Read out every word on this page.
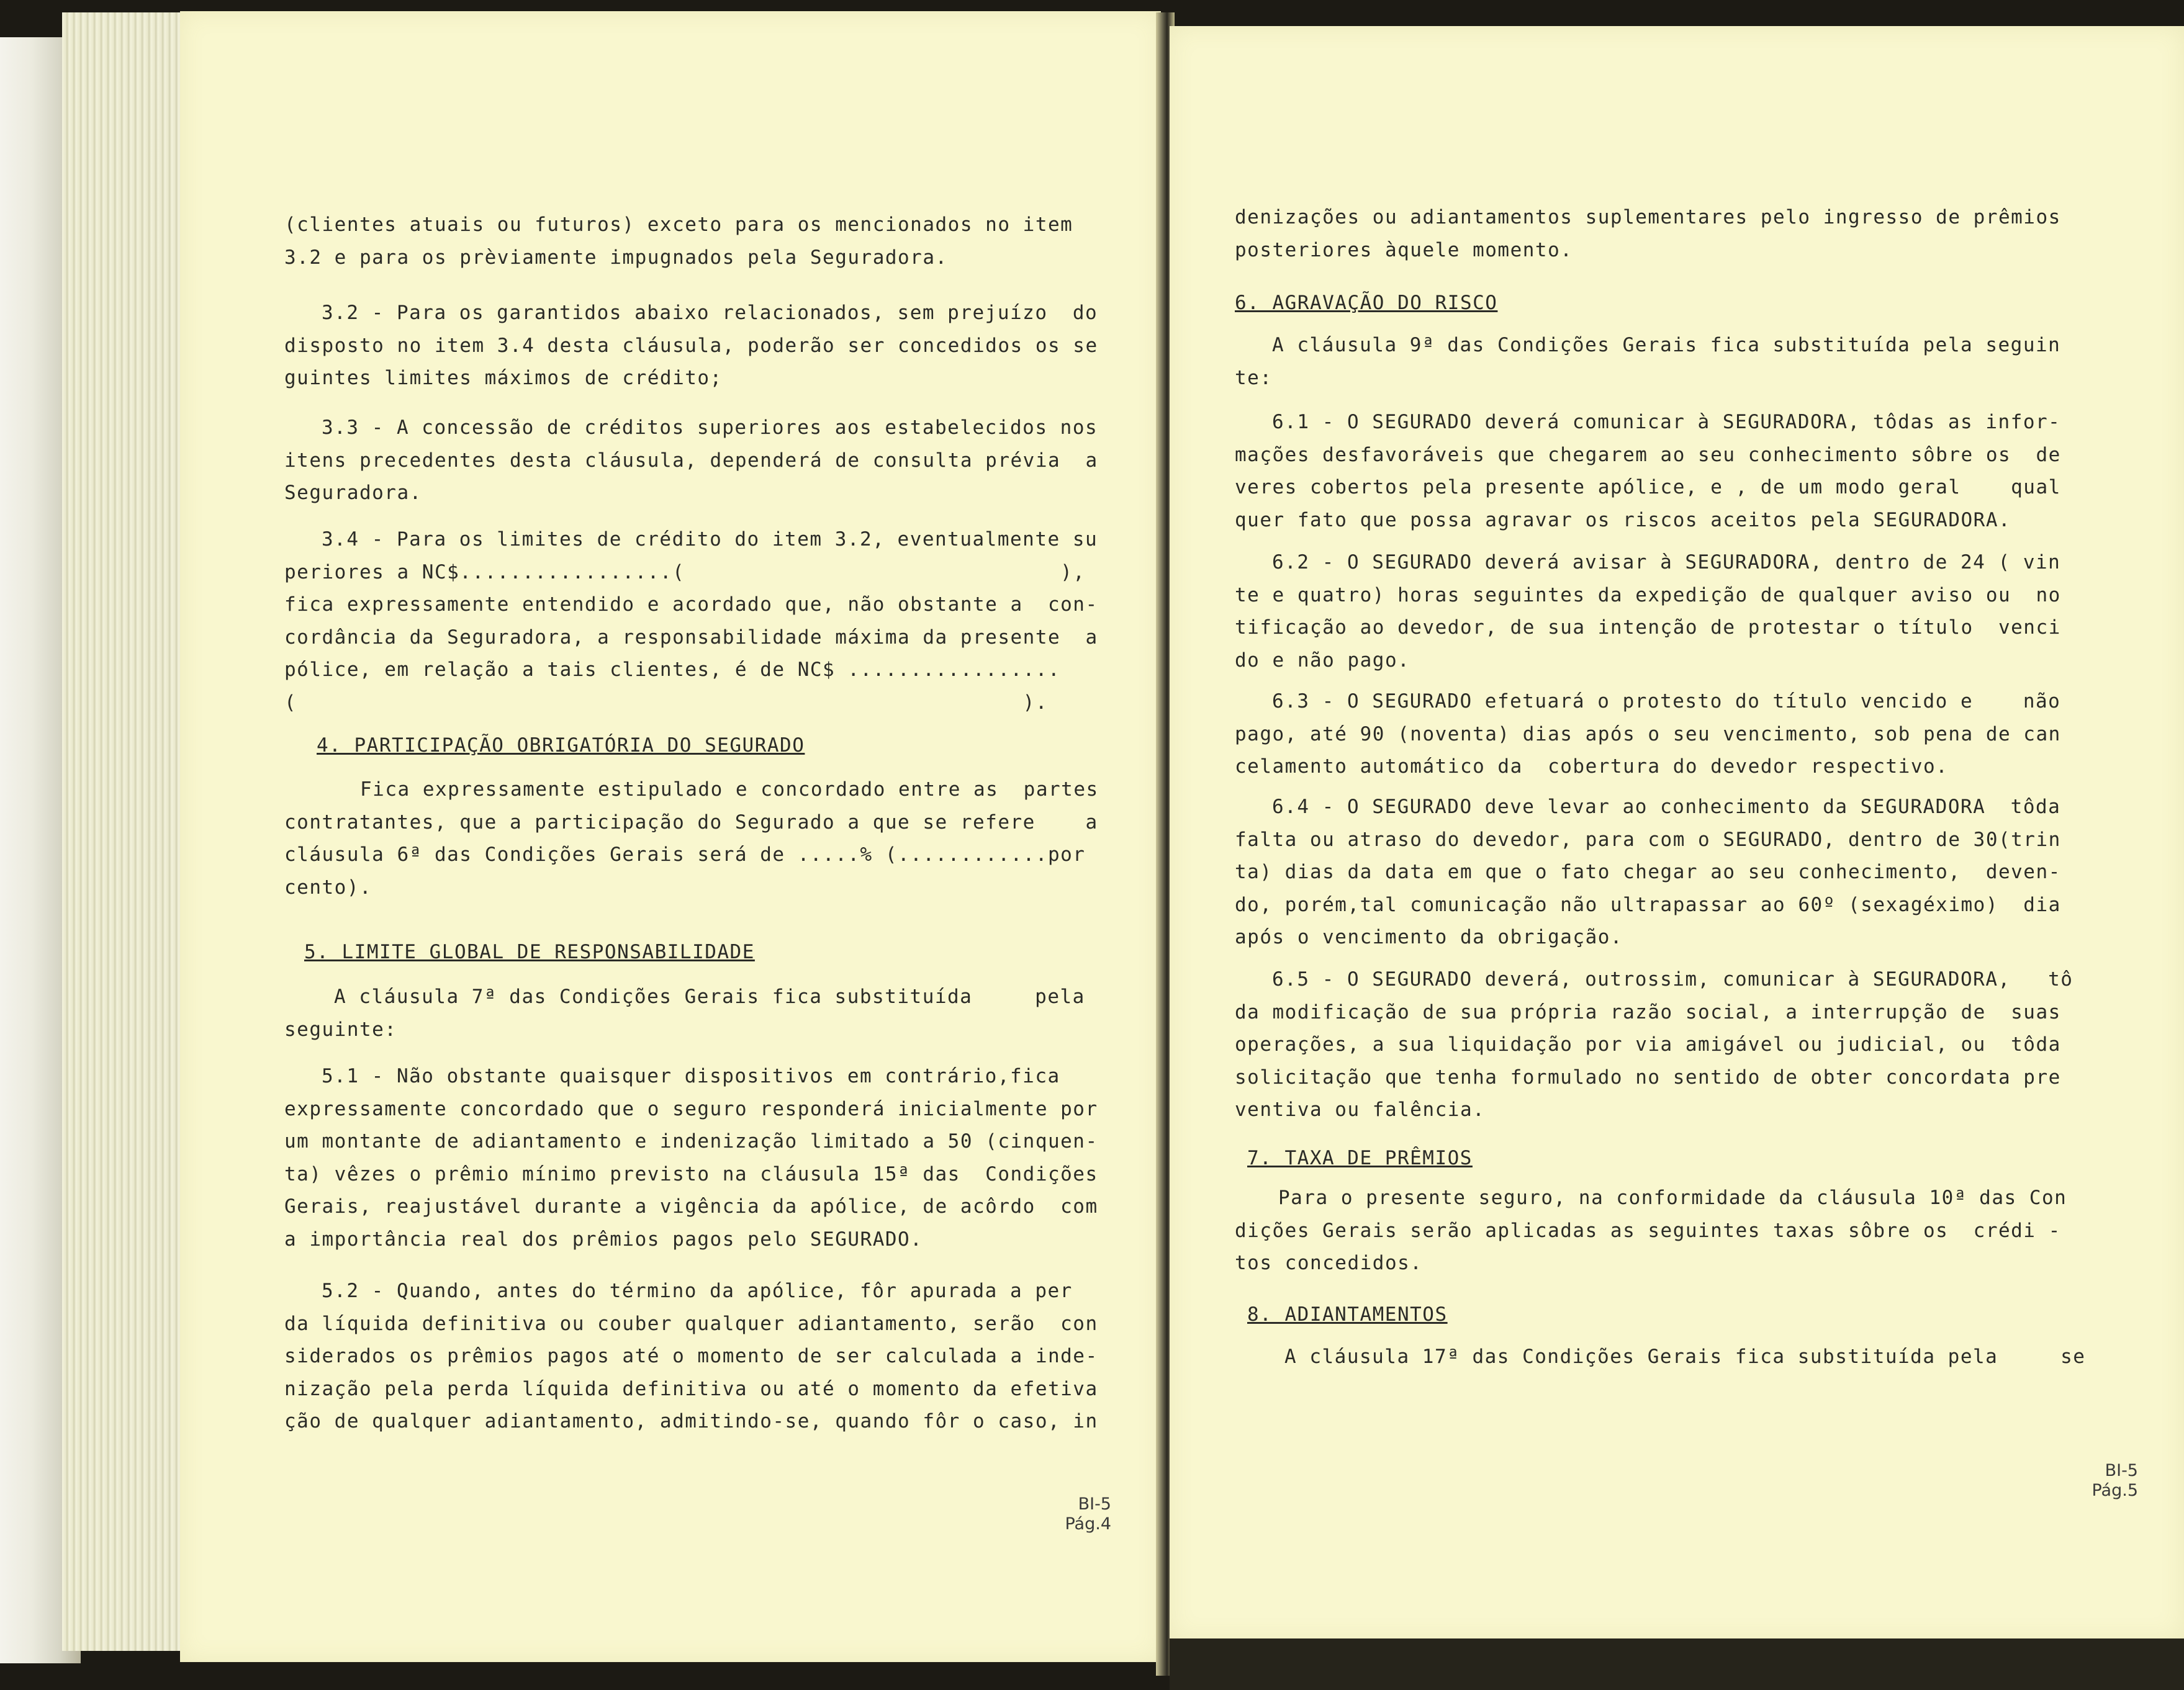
(clientes atuais ou futuros) exceto para os mencionados no item
3.2 e para os prèviamente impugnados pela Seguradora.

3.2 - Para os garantidos abaixo relacionados, sem prejuízo  do
disposto no item 3.4 desta cláusula, poderão ser concedidos os se
guintes limites máximos de crédito;

3.3 - A concessão de créditos superiores aos estabelecidos nos
itens precedentes desta cláusula, dependerá de consulta prévia  a
Seguradora.

3.4 - Para os limites de crédito do item 3.2, eventualmente su
periores a NC$.................(                              ),
fica expressamente entendido e acordado que, não obstante a  con-
cordância da Seguradora, a responsabilidade máxima da presente  a
pólice, em relação a tais clientes, é de NC$ .................
(                                                          ).

4. PARTICIPAÇÃO OBRIGATÓRIA DO SEGURADO

Fica expressamente estipulado e concordado entre as  partes
contratantes, que a participação do Segurado a que se refere    a
cláusula 6ª das Condições Gerais será de .....% (............por
cento).

5. LIMITE GLOBAL DE RESPONSABILIDADE

A cláusula 7ª das Condições Gerais fica substituída     pela
seguinte:

5.1 - Não obstante quaisquer dispositivos em contrário,fica
expressamente concordado que o seguro responderá inicialmente por
um montante de adiantamento e indenização limitado a 50 (cinquen-
ta) vêzes o prêmio mínimo previsto na cláusula 15ª das  Condições
Gerais, reajustável durante a vigência da apólice, de acôrdo  com
a importância real dos prêmios pagos pelo SEGURADO.

5.2 - Quando, antes do término da apólice, fôr apurada a per
da líquida definitiva ou couber qualquer adiantamento, serão  con
siderados os prêmios pagos até o momento de ser calculada a inde-
nização pela perda líquida definitiva ou até o momento da efetiva
ção de qualquer adiantamento, admitindo-se, quando fôr o caso, in

BI-5
Pág.4

denizações ou adiantamentos suplementares pelo ingresso de prêmios
posteriores àquele momento.

6. AGRAVAÇÃO DO RISCO

A cláusula 9ª das Condições Gerais fica substituída pela seguin
te:

6.1 - O SEGURADO deverá comunicar à SEGURADORA, tôdas as infor-
mações desfavoráveis que chegarem ao seu conhecimento sôbre os  de
veres cobertos pela presente apólice, e , de um modo geral    qual
quer fato que possa agravar os riscos aceitos pela SEGURADORA.

6.2 - O SEGURADO deverá avisar à SEGURADORA, dentro de 24 ( vin
te e quatro) horas seguintes da expedição de qualquer aviso ou  no
tificação ao devedor, de sua intenção de protestar o título  venci
do e não pago.

6.3 - O SEGURADO efetuará o protesto do título vencido e    não
pago, até 90 (noventa) dias após o seu vencimento, sob pena de can
celamento automático da  cobertura do devedor respectivo.

6.4 - O SEGURADO deve levar ao conhecimento da SEGURADORA  tôda
falta ou atraso do devedor, para com o SEGURADO, dentro de 30(trin
ta) dias da data em que o fato chegar ao seu conhecimento,  deven-
do, porém,tal comunicação não ultrapassar ao 60º (sexagéximo)  dia
após o vencimento da obrigação.

6.5 - O SEGURADO deverá, outrossim, comunicar à SEGURADORA,   tô
da modificação de sua própria razão social, a interrupção de  suas
operações, a sua liquidação por via amigável ou judicial, ou  tôda
solicitação que tenha formulado no sentido de obter concordata pre
ventiva ou falência.

7. TAXA DE PRÊMIOS

Para o presente seguro, na conformidade da cláusula 10ª das Con
dições Gerais serão aplicadas as seguintes taxas sôbre os  crédi -
tos concedidos.

8. ADIANTAMENTOS

A cláusula 17ª das Condições Gerais fica substituída pela     se

BI-5
Pág.5
